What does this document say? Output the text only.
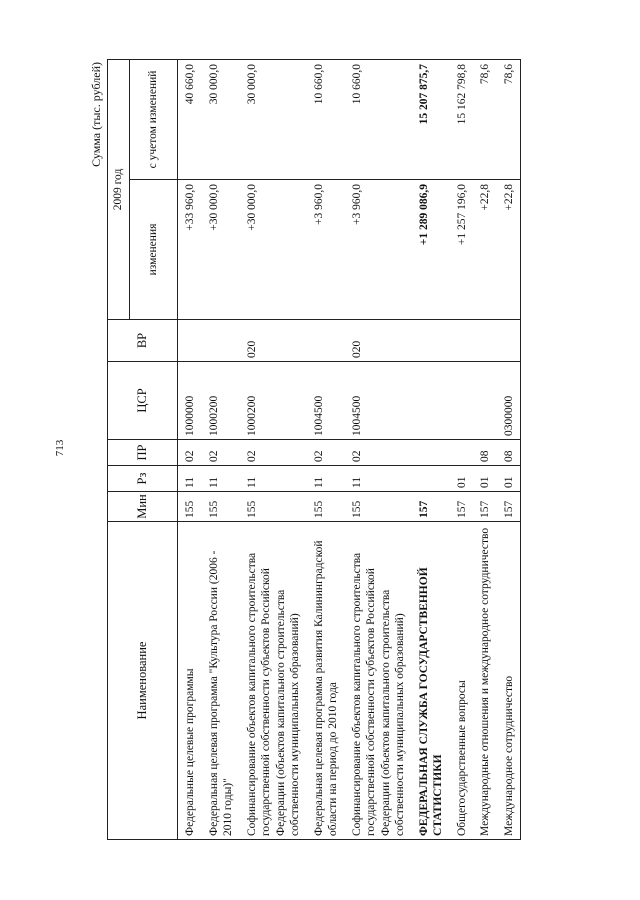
713
Сумма (тыс. рублей)
Наименование	Мин	Рз	ПР	ЦСР	ВР	2009 год	
						изменения	с учетом изменений
Федеральные целевые программы	155	11	02	1000000		+33 960,0	40 660,0
Федеральная целевая программа "Культура России (2006 - 2010 годы)"	155	11	02	1000200		+30 000,0	30 000,0
Софинансирование объектов капитального строительства государственной собственности субъектов Российской Федерации (объектов капитального строительства собственности муниципальных образований)	155	11	02	1000200	020	+30 000,0	30 000,0
Федеральная целевая программа развития Калининградской области на период до 2010 года	155	11	02	1004500		+3 960,0	10 660,0
Софинансирование объектов капитального строительства государственной собственности субъектов Российской Федерации (объектов капитального строительства собственности муниципальных образований)	155	11	02	1004500	020	+3 960,0	10 660,0
ФЕДЕРАЛЬНАЯ СЛУЖБА ГОСУДАРСТВЕННОЙ СТАТИСТИКИ	157					+1 289 086,9	15 207 875,7
Общегосударственные вопросы	157	01				+1 257 196,0	15 162 798,8
Международные отношения и международное сотрудничество	157	01	08			+22,8	78,6
Международное сотрудничество	157	01	08	0300000		+22,8	78,6
